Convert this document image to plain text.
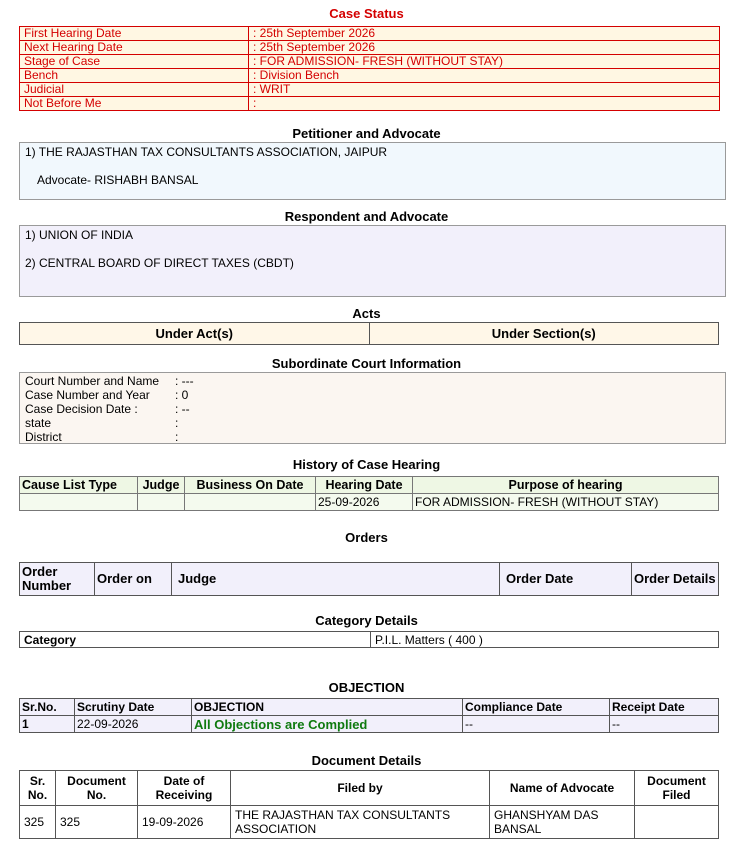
Case Status
First Hearing Date	: 25th September 2026
Next Hearing Date	: 25th September 2026
Stage of Case	: FOR ADMISSION- FRESH (WITHOUT STAY)
Bench	: Division Bench
Judicial	: WRIT
Not Before Me	:
Petitioner and Advocate
1) THE RAJASTHAN TAX CONSULTANTS ASSOCIATION, JAIPUR
Advocate- RISHABH BANSAL
Respondent and Advocate
1) UNION OF INDIA
2) CENTRAL BOARD OF DIRECT TAXES (CBDT)
Acts
Under Act(s)	Under Section(s)
Subordinate Court Information
Court Number and Name	: ---
Case Number and Year	: 0
Case Decision Date :	: --
state	:
District	:
History of Case Hearing
Cause List Type	Judge	Business On Date	Hearing Date	Purpose of hearing
			25-09-2026	FOR ADMISSION- FRESH (WITHOUT STAY)
Orders
Order Number	Order on	Judge	Order Date	Order Details
Category Details
Category	P.I.L. Matters ( 400 )
OBJECTION
Sr.No.	Scrutiny Date	OBJECTION	Compliance Date	Receipt Date
1	22-09-2026	All Objections are Complied	--	--
Document Details
Sr. No.	Document No.	Date of Receiving	Filed by	Name of Advocate	Document Filed
325	325	19-09-2026	THE RAJASTHAN TAX CONSULTANTS ASSOCIATION	GHANSHYAM DAS BANSAL	
